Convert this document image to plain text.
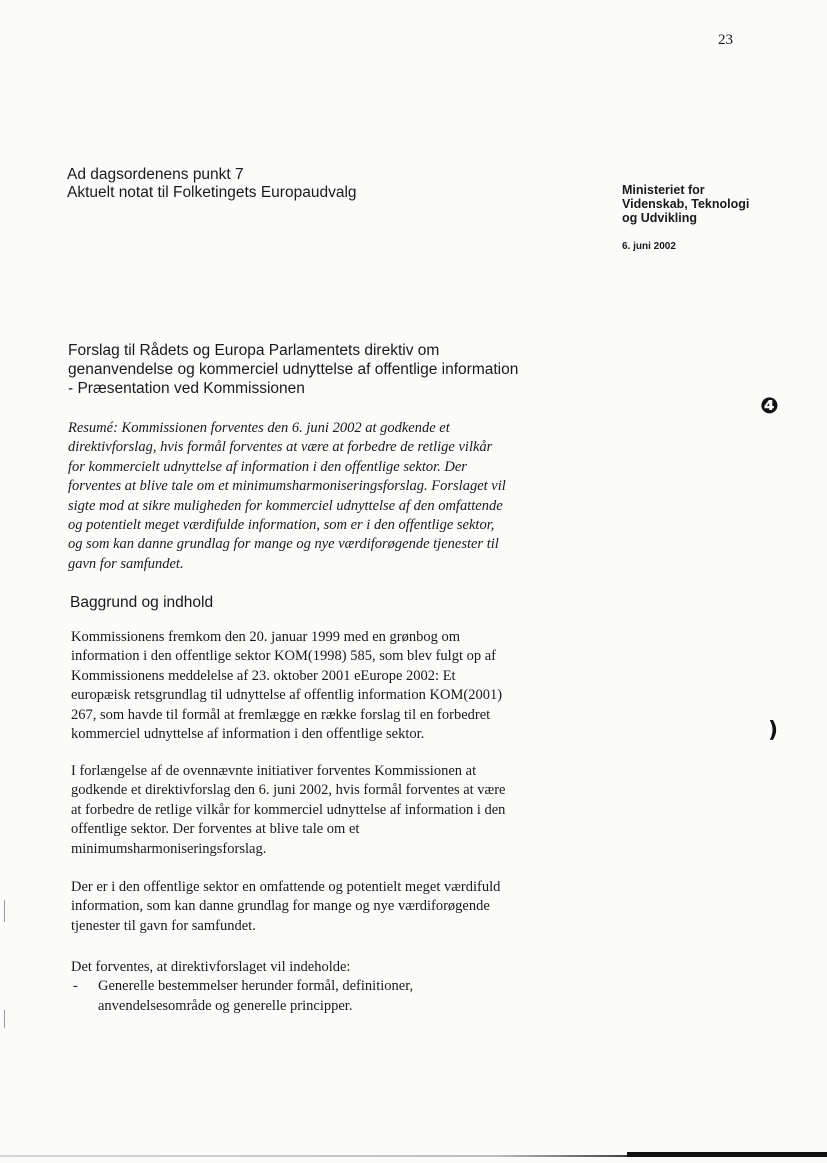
23
Ad dagsordenens punkt 7
Aktuelt notat til Folketingets Europaudvalg	Ministeriet for
Videnskab, Teknologi
og Udvikling
6. juni 2002
Forslag til Rådets og Europa Parlamentets direktiv om
genanvendelse og kommerciel udnyttelse af offentlige information
- Præsentation ved Kommissionen
Resumé: Kommissionen forventes den 6. juni 2002 at godkende et
direktivforslag, hvis formål forventes at være at forbedre de retlige vilkår
for kommercielt udnyttelse af information i den offentlige sektor. Der
forventes at blive tale om et minimumsharmoniseringsforslag. Forslaget vil
sigte mod at sikre muligheden for kommerciel udnyttelse af den omfattende
og potentielt meget værdifulde information, som er i den offentlige sektor,
og som kan danne grundlag for mange og nye værdiforøgende tjenester til
gavn for samfundet.
Baggrund og indhold
Kommissionens fremkom den 20. januar 1999 med en grønbog om
information i den offentlige sektor KOM(1998) 585, som blev fulgt op af
Kommissionens meddelelse af 23. oktober 2001 eEurope 2002: Et
europæisk retsgrundlag til udnyttelse af offentlig information KOM(2001)
267, som havde til formål at fremlægge en række forslag til en forbedret
kommerciel udnyttelse af information i den offentlige sektor.
I forlængelse af de ovennævnte initiativer forventes Kommissionen at
godkende et direktivforslag den 6. juni 2002, hvis formål forventes at være
at forbedre de retlige vilkår for kommerciel udnyttelse af information i den
offentlige sektor. Der forventes at blive tale om et
minimumsharmoniseringsforslag.
Der er i den offentlige sektor en omfattende og potentielt meget værdifuld
information, som kan danne grundlag for mange og nye værdiforøgende
tjenester til gavn for samfundet.
Det forventes, at direktivforslaget vil indeholde:
- Generelle bestemmelser herunder formål, definitioner,
anvendelsesområde og generelle principper.
❹
)
